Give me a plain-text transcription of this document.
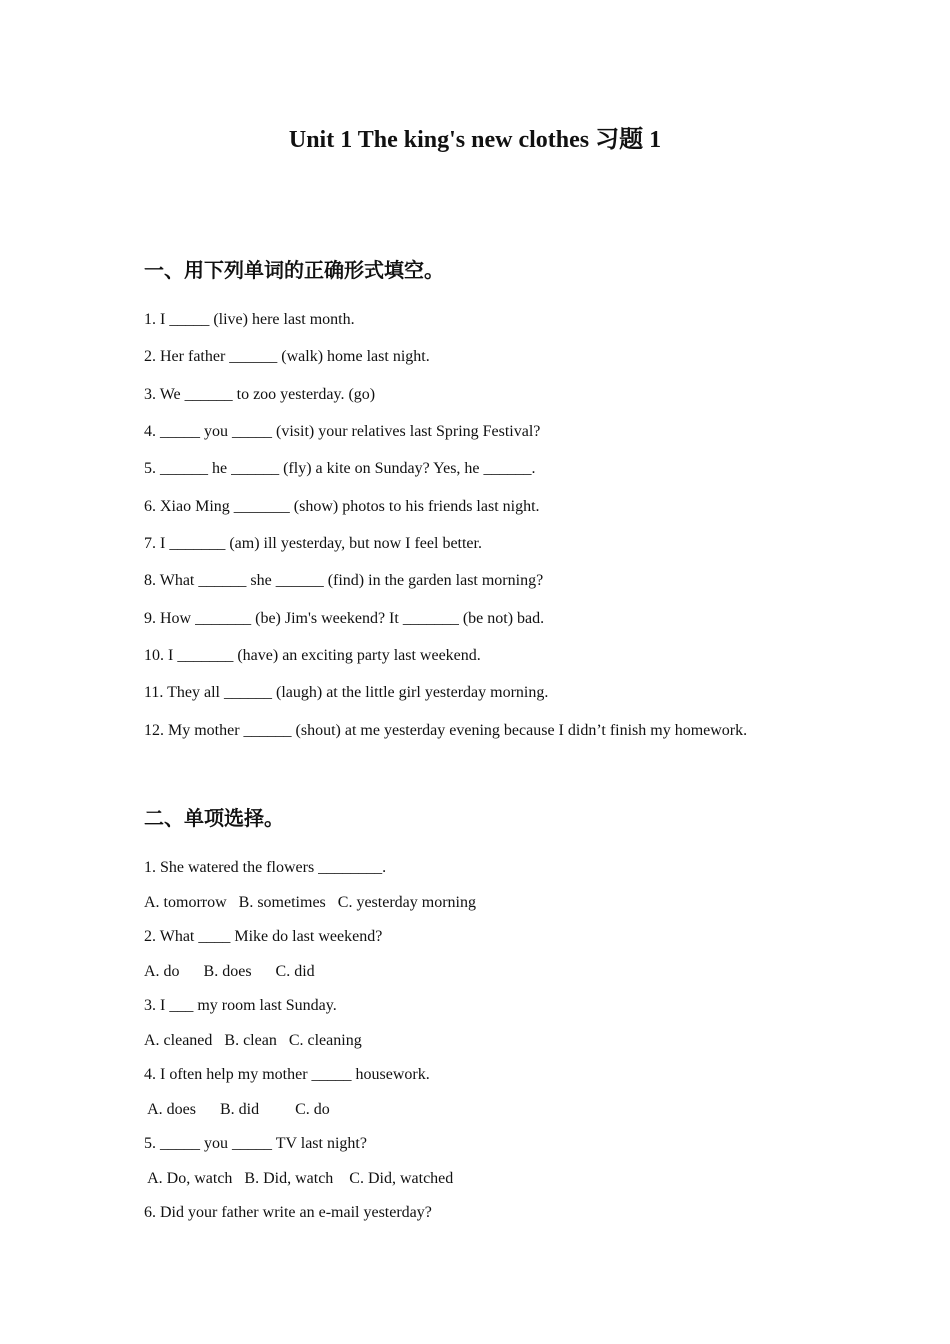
Unit 1 The king's new clothes 习题 1
一、用下列单词的正确形式填空。

1. I _____ (live) here last month.

2. Her father ______ (walk) home last night.

3. We ______ to zoo yesterday. (go)

4. _____ you _____ (visit) your relatives last Spring Festival?

5. ______ he ______ (fly) a kite on Sunday? Yes, he ______.

6. Xiao Ming _______ (show) photos to his friends last night.

7. I _______ (am) ill yesterday, but now I feel better.

8. What ______ she ______ (find) in the garden last morning?

9. How _______ (be) Jim's weekend? It _______ (be not) bad.

10. I _______ (have) an exciting party last weekend.

11. They all ______ (laugh) at the little girl yesterday morning.

12. My mother ______ (shout) at me yesterday evening because I didn’t finish my homework.

二、单项选择。

1. She watered the flowers ________.

A. tomorrow   B. sometimes   C. yesterday morning

2. What ____ Mike do last weekend?

A. do      B. does      C. did

3. I ___ my room last Sunday.

A. cleaned   B. clean   C. cleaning

4. I often help my mother _____ housework.

A. does      B. did         C. do

5. _____ you _____ TV last night?

A. Do, watch   B. Did, watch    C. Did, watched

6. Did your father write an e-mail yesterday?
